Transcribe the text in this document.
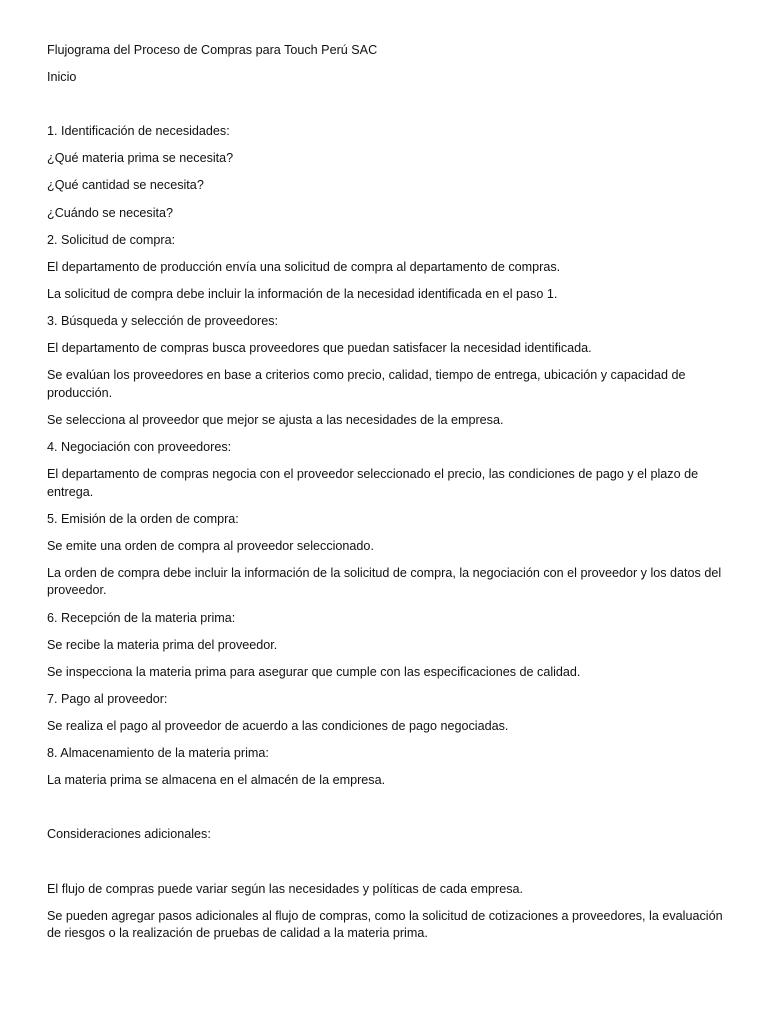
Flujograma del Proceso de Compras para Touch Perú SAC

Inicio

1. Identificación de necesidades:

¿Qué materia prima se necesita?

¿Qué cantidad se necesita?

¿Cuándo se necesita?

2. Solicitud de compra:

El departamento de producción envía una solicitud de compra al departamento de compras.

La solicitud de compra debe incluir la información de la necesidad identificada en el paso 1.

3. Búsqueda y selección de proveedores:

El departamento de compras busca proveedores que puedan satisfacer la necesidad identificada.

Se evalúan los proveedores en base a criterios como precio, calidad, tiempo de entrega, ubicación y capacidad de producción.

Se selecciona al proveedor que mejor se ajusta a las necesidades de la empresa.

4. Negociación con proveedores:

El departamento de compras negocia con el proveedor seleccionado el precio, las condiciones de pago y el plazo de entrega.

5. Emisión de la orden de compra:

Se emite una orden de compra al proveedor seleccionado.

La orden de compra debe incluir la información de la solicitud de compra, la negociación con el proveedor y los datos del proveedor.

6. Recepción de la materia prima:

Se recibe la materia prima del proveedor.

Se inspecciona la materia prima para asegurar que cumple con las especificaciones de calidad.

7. Pago al proveedor:

Se realiza el pago al proveedor de acuerdo a las condiciones de pago negociadas.

8. Almacenamiento de la materia prima:

La materia prima se almacena en el almacén de la empresa.

Consideraciones adicionales:

El flujo de compras puede variar según las necesidades y políticas de cada empresa.

Se pueden agregar pasos adicionales al flujo de compras, como la solicitud de cotizaciones a proveedores, la evaluación de riesgos o la realización de pruebas de calidad a la materia prima.
